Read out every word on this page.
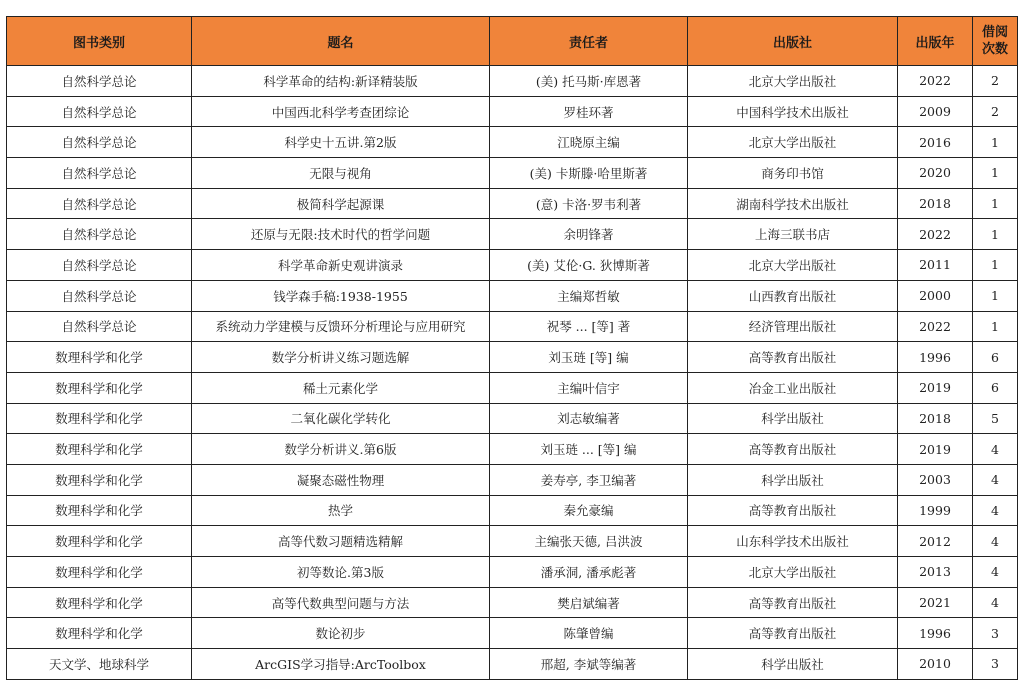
图书类别	题名	责任者	出版社	出版年	借阅次数
自然科学总论	科学革命的结构:新译精装版	(美) 托马斯·库恩著	北京大学出版社	2022	2
自然科学总论	中国西北科学考查团综论	罗桂环著	中国科学技术出版社	2009	2
自然科学总论	科学史十五讲.第2版	江晓原主编	北京大学出版社	2016	1
自然科学总论	无限与视角	(美) 卡斯滕·哈里斯著	商务印书馆	2020	1
自然科学总论	极简科学起源课	(意) 卡洛·罗韦利著	湖南科学技术出版社	2018	1
自然科学总论	还原与无限:技术时代的哲学问题	余明锋著	上海三联书店	2022	1
自然科学总论	科学革命新史观讲演录	(美) 艾伦·G. 狄博斯著	北京大学出版社	2011	1
自然科学总论	钱学森手稿:1938-1955	主编郑哲敏	山西教育出版社	2000	1
自然科学总论	系统动力学建模与反馈环分析理论与应用研究	祝琴 ... [等] 著	经济管理出版社	2022	1
数理科学和化学	数学分析讲义练习题选解	刘玉琏 [等] 编	高等教育出版社	1996	6
数理科学和化学	稀土元素化学	主编叶信宇	冶金工业出版社	2019	6
数理科学和化学	二氧化碳化学转化	刘志敏编著	科学出版社	2018	5
数理科学和化学	数学分析讲义.第6版	刘玉琏 ... [等] 编	高等教育出版社	2019	4
数理科学和化学	凝聚态磁性物理	姜寿亭, 李卫编著	科学出版社	2003	4
数理科学和化学	热学	秦允豪编	高等教育出版社	1999	4
数理科学和化学	高等代数习题精选精解	主编张天德, 吕洪波	山东科学技术出版社	2012	4
数理科学和化学	初等数论.第3版	潘承洞, 潘承彪著	北京大学出版社	2013	4
数理科学和化学	高等代数典型问题与方法	樊启斌编著	高等教育出版社	2021	4
数理科学和化学	数论初步	陈肇曾编	高等教育出版社	1996	3
天文学、地球科学	ArcGIS学习指导:ArcToolbox	邢超, 李斌等编著	科学出版社	2010	3
